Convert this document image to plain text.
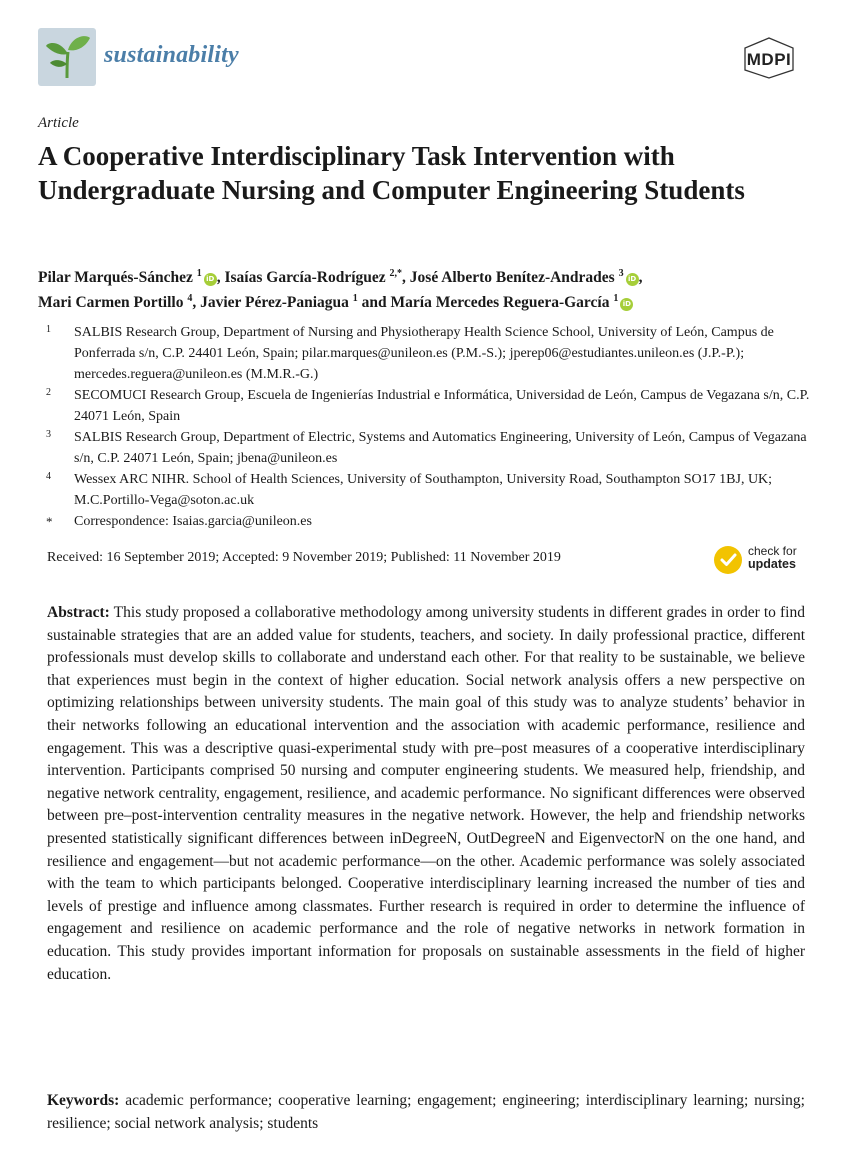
sustainability	MDPI
Article
A Cooperative Interdisciplinary Task Intervention with Undergraduate Nursing and Computer Engineering Students
Pilar Marqués-Sánchez $^1$iD , Isaías García-Rodríguez $^{2,*}$, José Alberto Benítez-Andrades $^3$iD ,
Mari Carmen Portillo $^4$, Javier Pérez-Paniagua $^1$ and María Mercedes Reguera-García $^1$iD

1 SALBIS Research Group, Department of Nursing and Physiotherapy Health Science School, University of León, Campus de Ponferrada s/n, C.P. 24401 León, Spain; pilar.marques@unileon.es (P.M.-S.); jperep06@estudiantes.unileon.es (J.P.-P.); mercedes.reguera@unileon.es (M.M.R.-G.)

2 SECOMUCI Research Group, Escuela de Ingenierías Industrial e Informática, Universidad de León, Campus de Vegazana s/n, C.P. 24071 León, Spain

3 SALBIS Research Group, Department of Electric, Systems and Automatics Engineering, University of León, Campus of Vegazana s/n, C.P. 24071 León, Spain; jbena@unileon.es

4 Wessex ARC NIHR. School of Health Sciences, University of Southampton, University Road, Southampton SO17 1BJ, UK; M.C.Portillo-Vega@soton.ac.uk

* Correspondence: Isaias.garcia@unileon.es

Received: 16 September 2019; Accepted: 9 November 2019; Published: 11 November 2019	check for
updates

Abstract: This study proposed a collaborative methodology among university students in different grades in order to find sustainable strategies that are an added value for students, teachers, and society. In daily professional practice, different professionals must develop skills to collaborate and understand each other. For that reality to be sustainable, we believe that experiences must begin in the context of higher education. Social network analysis offers a new perspective on optimizing relationships between university students. The main goal of this study was to analyze students’ behavior in their networks following an educational intervention and the association with academic performance, resilience and engagement. This was a descriptive quasi-experimental study with pre–post measures of a cooperative interdisciplinary intervention. Participants comprised 50 nursing and computer engineering students. We measured help, friendship, and negative network centrality, engagement, resilience, and academic performance. No significant differences were observed between pre–post-intervention centrality measures in the negative network. However, the help and friendship networks presented statistically significant differences between inDegreeN, OutDegreeN and EigenvectorN on the one hand, and resilience and engagement—but not academic performance—on the other. Academic performance was solely associated with the team to which participants belonged. Cooperative interdisciplinary learning increased the number of ties and levels of prestige and influence among classmates. Further research is required in order to determine the influence of engagement and resilience on academic performance and the role of negative networks in network formation in education. This study provides important information for proposals on sustainable assessments in the field of higher education.

Keywords: academic performance; cooperative learning; engagement; engineering; interdisciplinary learning; nursing; resilience; social network analysis; students
